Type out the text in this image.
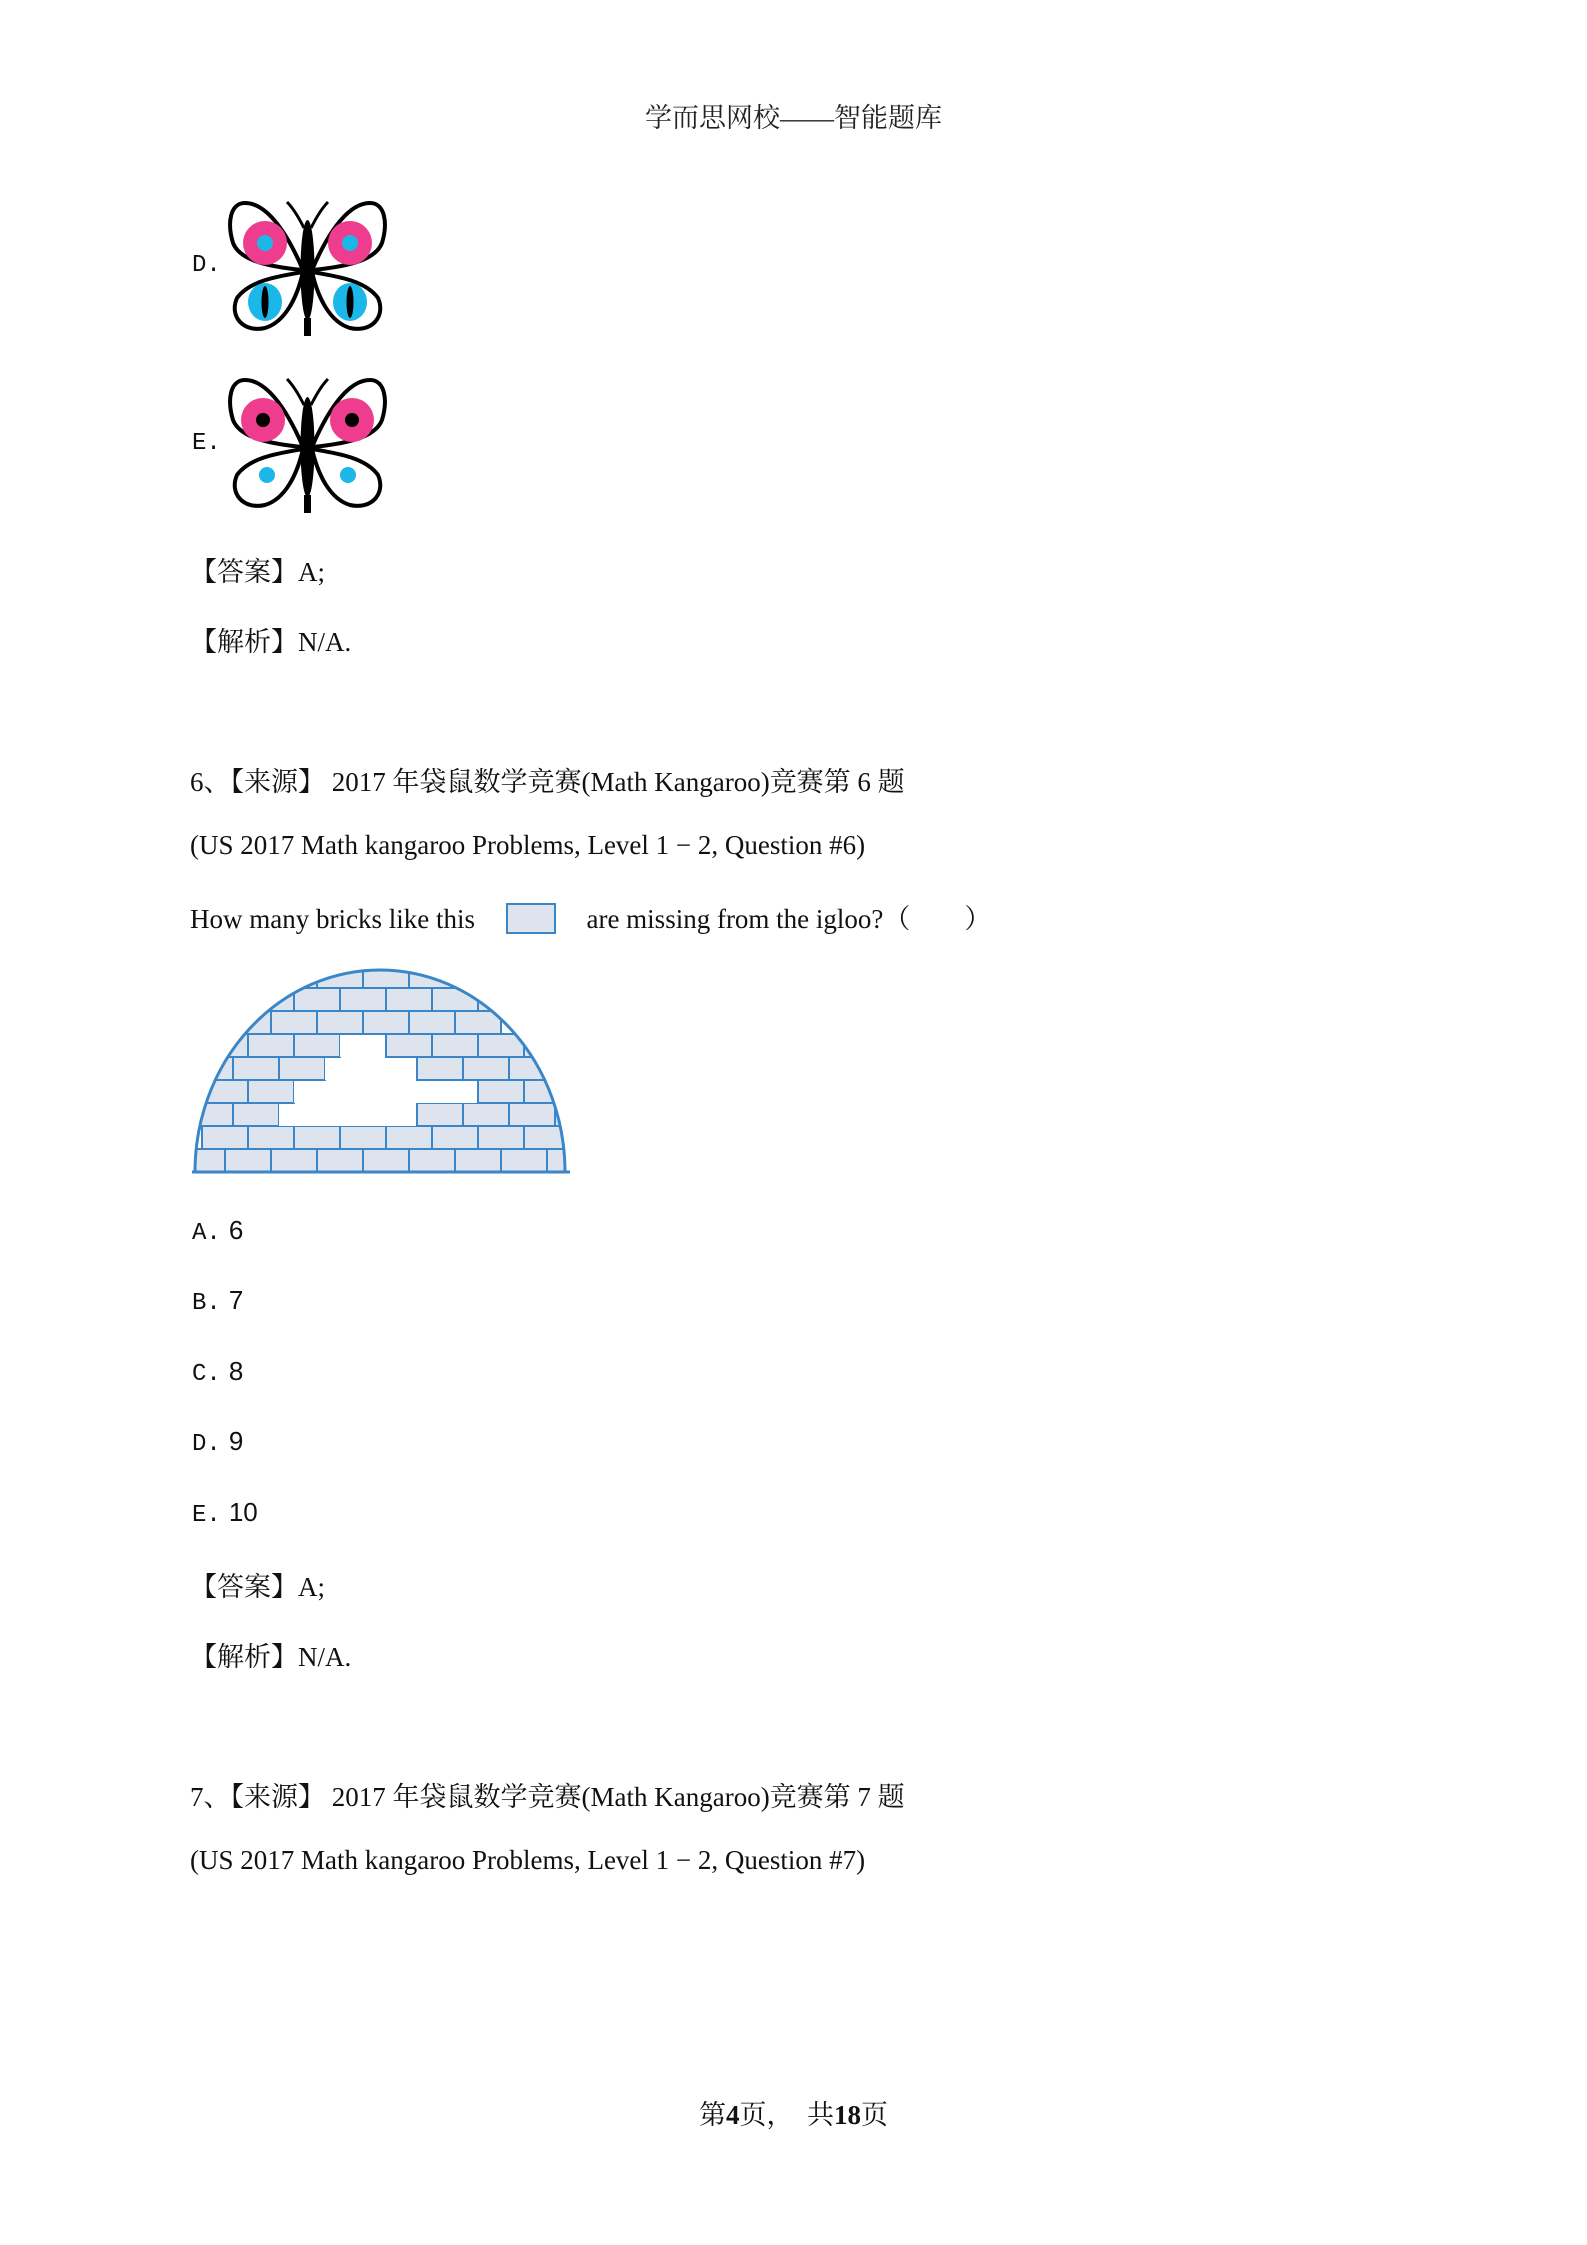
学而思网校——智能题库
D.
E.
【答案】A;
【解析】N/A.
6、【来源】 2017 年袋鼠数学竞赛(Math Kangaroo)竞赛第 6 题
(US 2017 Math kangaroo Problems, Level 1 − 2, Question #6)
How many bricks like this	are missing from the igloo?（　　）
A. 6
B. 7
C. 8
D. 9
E. 10
【答案】A;
【解析】N/A.
7、【来源】 2017 年袋鼠数学竞赛(Math Kangaroo)竞赛第 7 题
(US 2017 Math kangaroo Problems, Level 1 − 2, Question #7)
第4页，　共18页
